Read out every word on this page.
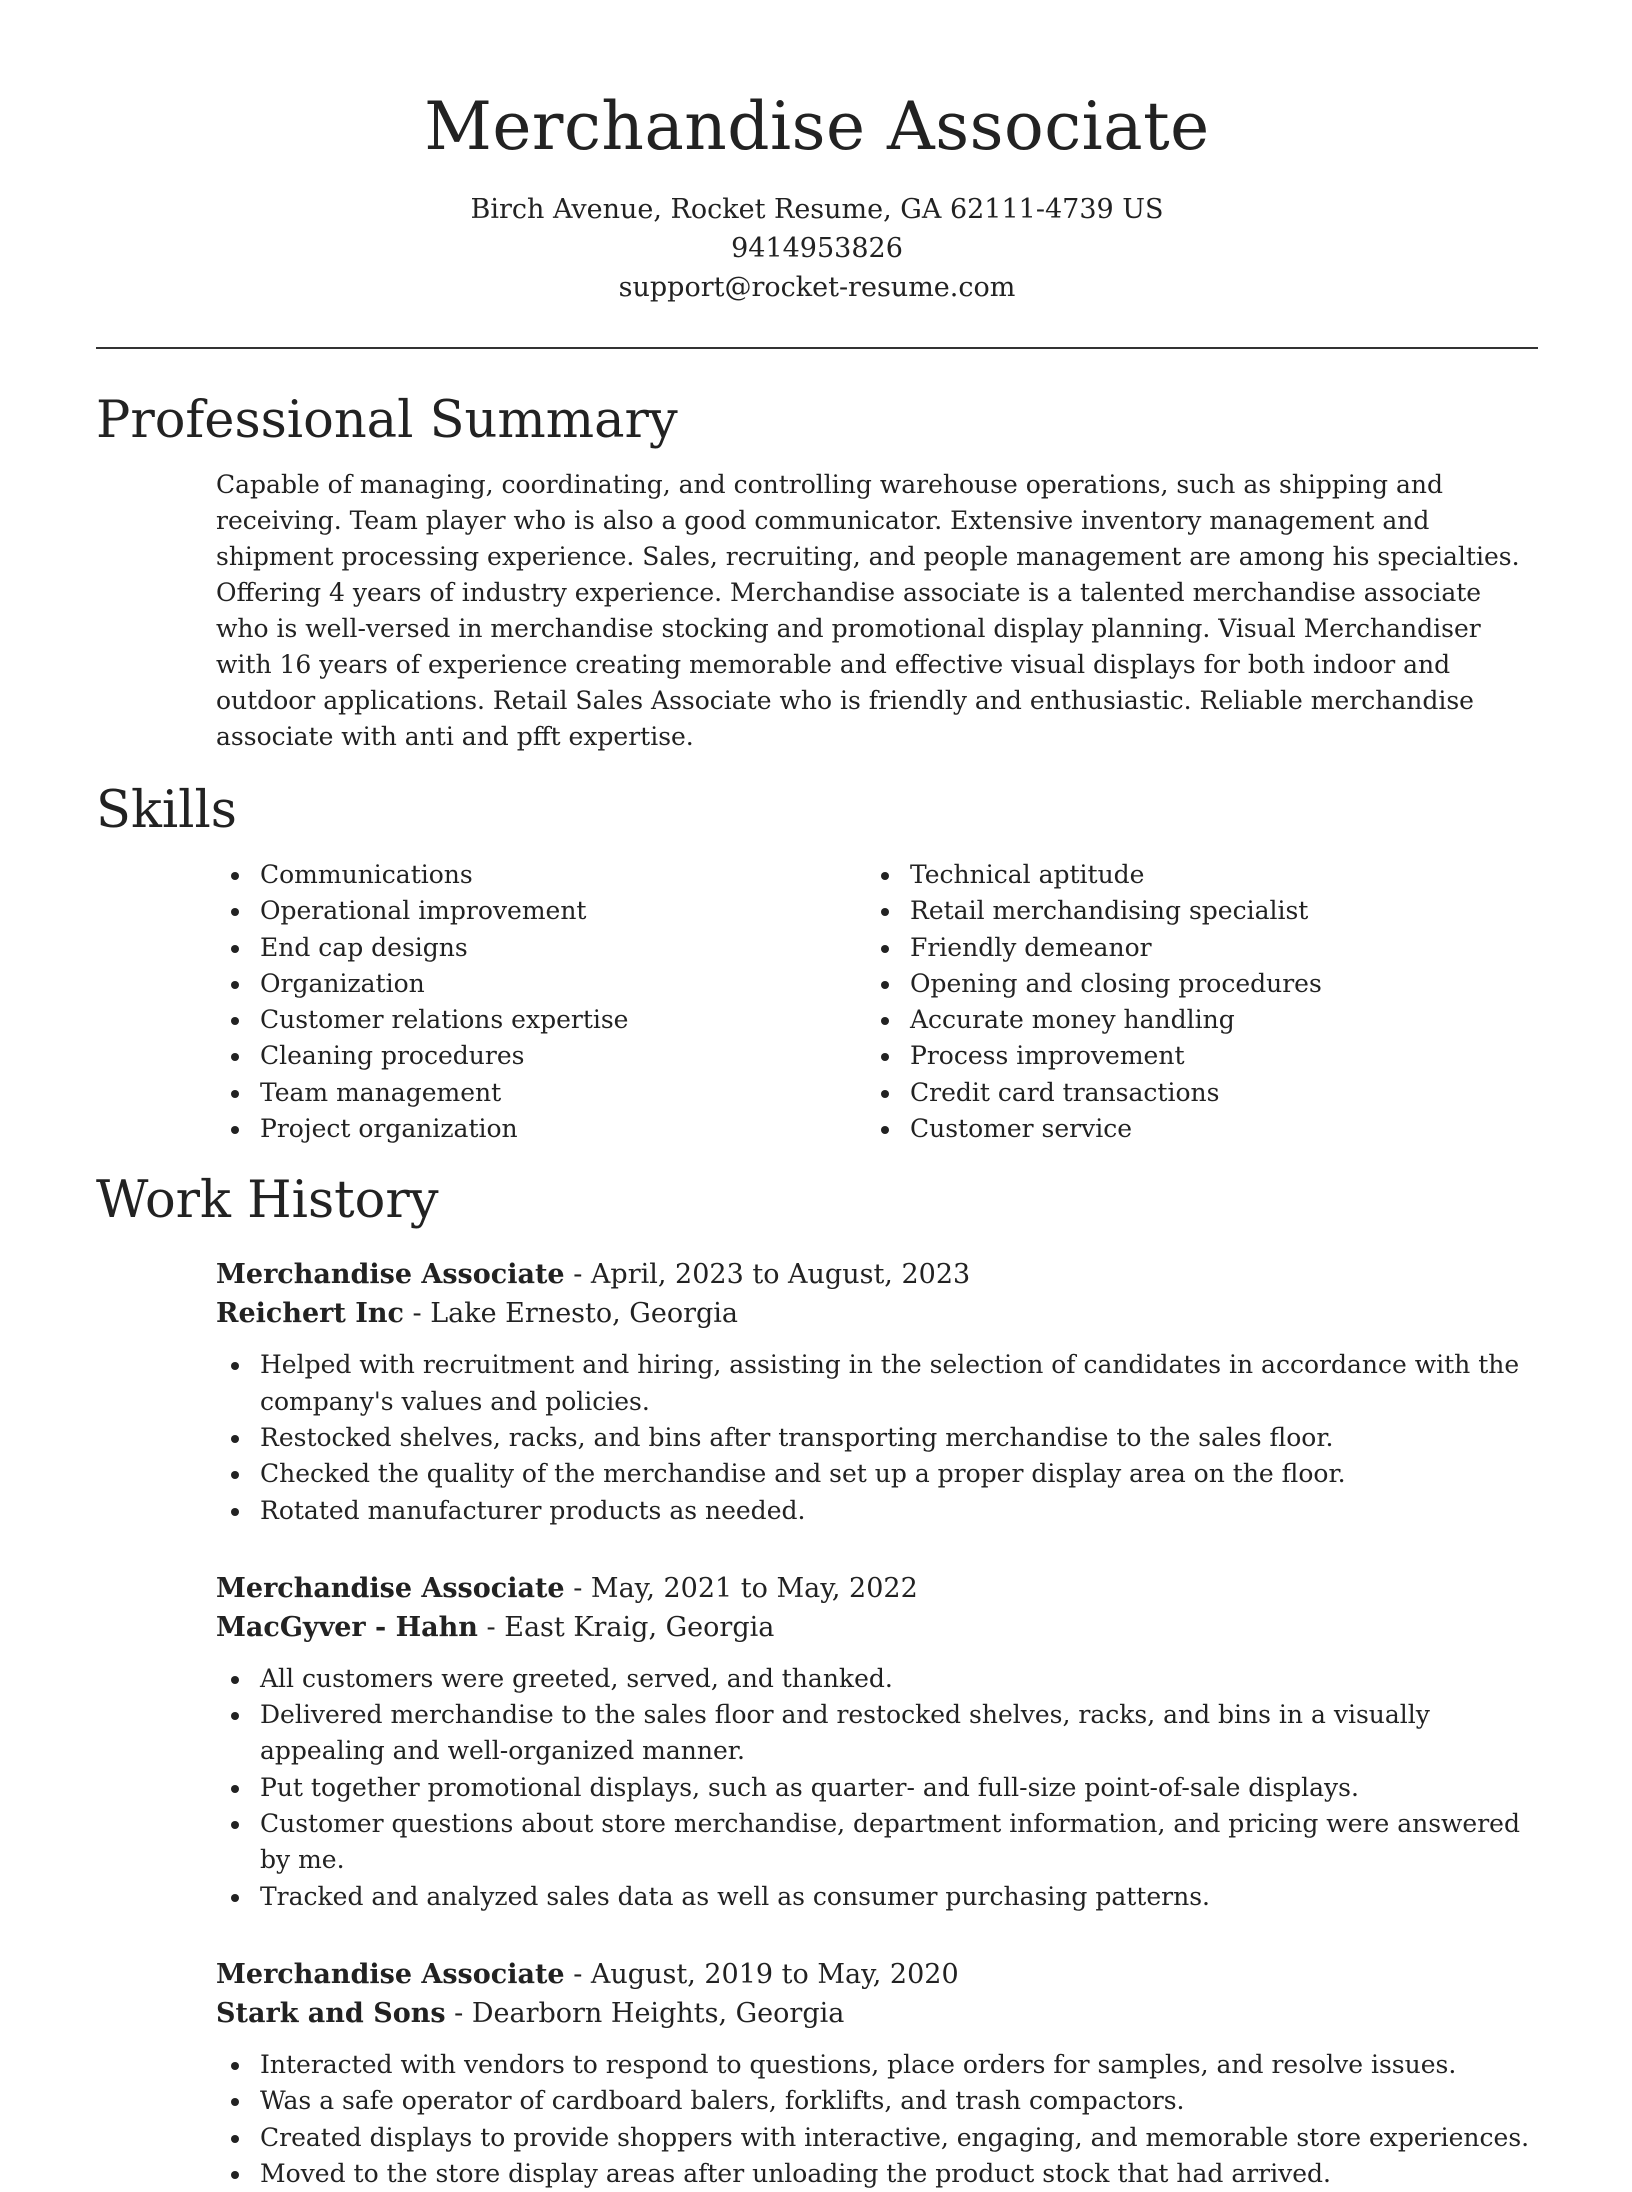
Merchandise Associate
Birch Avenue, Rocket Resume, GA 62111-4739 US
9414953826
support@rocket-resume.com
Professional Summary

Capable of managing, coordinating, and controlling warehouse operations, such as shipping and receiving. Team player who is also a good communicator. Extensive inventory management and shipment processing experience. Sales, recruiting, and people management are among his specialties. Offering 4 years of industry experience. Merchandise associate is a talented merchandise associate who is well-versed in merchandise stocking and promotional display planning. Visual Merchandiser with 16 years of experience creating memorable and effective visual displays for both indoor and outdoor applications. Retail Sales Associate who is friendly and enthusiastic. Reliable merchandise associate with anti and pfft expertise.

Skills
Communications
Operational improvement
End cap designs
Organization
Customer relations expertise
Cleaning procedures
Team management
Project organization
Technical aptitude
Retail merchandising specialist
Friendly demeanor
Opening and closing procedures
Accurate money handling
Process improvement
Credit card transactions
Customer service
Work History
Merchandise Associate - April, 2023 to August, 2023
Reichert Inc - Lake Ernesto, Georgia
Helped with recruitment and hiring, assisting in the selection of candidates in accordance with the company's values and policies.
Restocked shelves, racks, and bins after transporting merchandise to the sales floor.
Checked the quality of the merchandise and set up a proper display area on the floor.
Rotated manufacturer products as needed.
Merchandise Associate - May, 2021 to May, 2022
MacGyver - Hahn - East Kraig, Georgia
All customers were greeted, served, and thanked.
Delivered merchandise to the sales floor and restocked shelves, racks, and bins in a visually appealing and well-organized manner.
Put together promotional displays, such as quarter- and full-size point-of-sale displays.
Customer questions about store merchandise, department information, and pricing were answered by me.
Tracked and analyzed sales data as well as consumer purchasing patterns.
Merchandise Associate - August, 2019 to May, 2020
Stark and Sons - Dearborn Heights, Georgia
Interacted with vendors to respond to questions, place orders for samples, and resolve issues.
Was a safe operator of cardboard balers, forklifts, and trash compactors.
Created displays to provide shoppers with interactive, engaging, and memorable store experiences.
Moved to the store display areas after unloading the product stock that had arrived.
